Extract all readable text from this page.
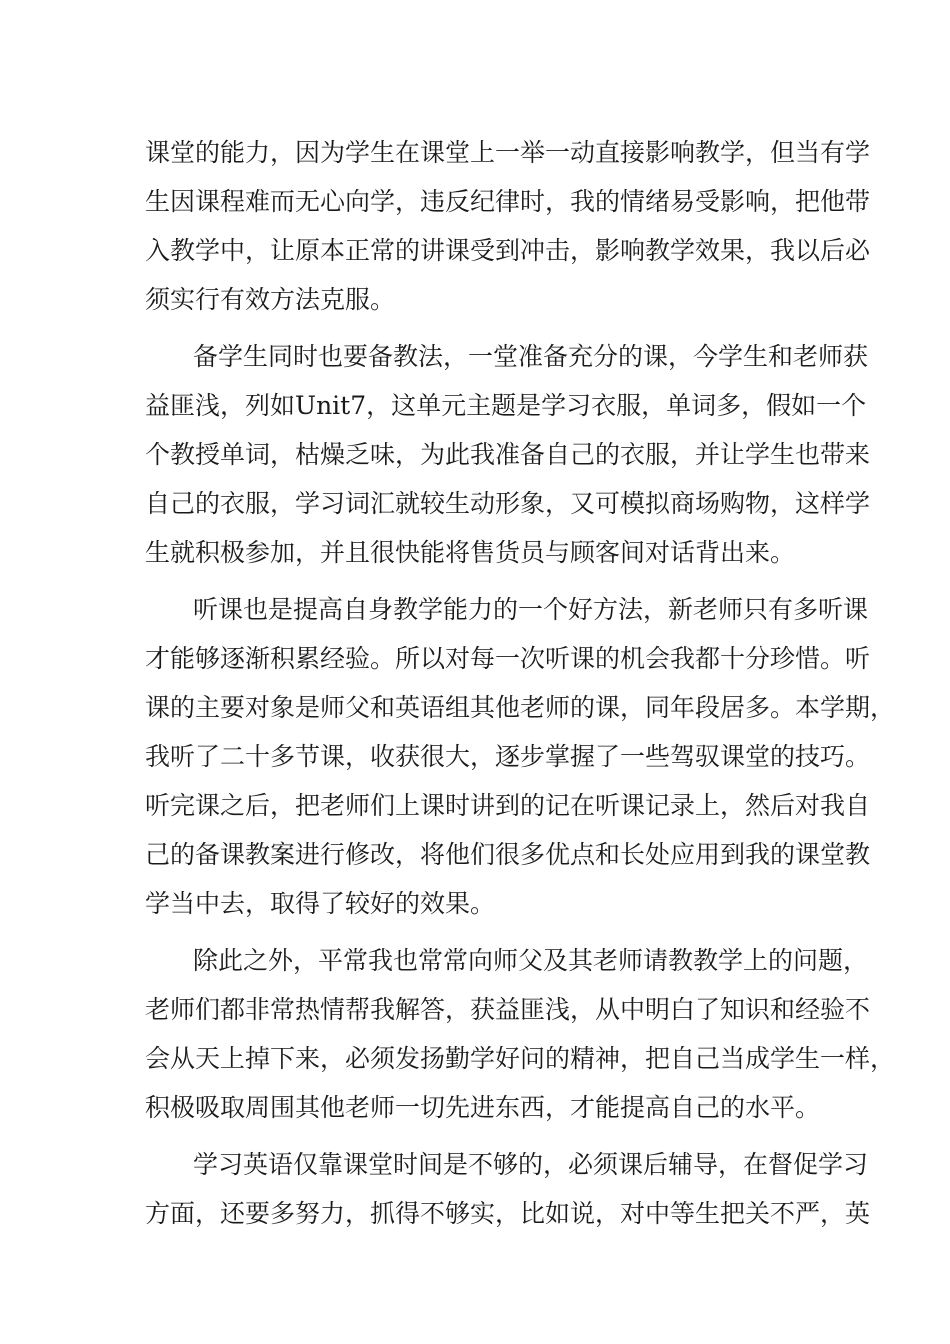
课堂的能力，因为学生在课堂上一举一动直接影响教学，但当有学
生因课程难而无心向学，违反纪律时，我的情绪易受影响，把他带
入教学中，让原本正常的讲课受到冲击，影响教学效果，我以后必
须实行有效方法克服。
备学生同时也要备教法，一堂准备充分的课，今学生和老师获
益匪浅，列如Unit7，这单元主题是学习衣服，单词多，假如一个
个教授单词，枯燥乏味，为此我准备自己的衣服，并让学生也带来
自己的衣服，学习词汇就较生动形象，又可模拟商场购物，这样学
生就积极参加，并且很快能将售货员与顾客间对话背出来。
听课也是提高自身教学能力的一个好方法，新老师只有多听课
才能够逐渐积累经验。所以对每一次听课的机会我都十分珍惜。听
课的主要对象是师父和英语组其他老师的课，同年段居多。本学期，
我听了二十多节课，收获很大，逐步掌握了一些驾驭课堂的技巧。
听完课之后，把老师们上课时讲到的记在听课记录上，然后对我自
己的备课教案进行修改，将他们很多优点和长处应用到我的课堂教
学当中去，取得了较好的效果。
除此之外，平常我也常常向师父及其老师请教教学上的问题，
老师们都非常热情帮我解答，获益匪浅，从中明白了知识和经验不
会从天上掉下来，必须发扬勤学好问的精神，把自己当成学生一样，
积极吸取周围其他老师一切先进东西，才能提高自己的水平。
学习英语仅靠课堂时间是不够的，必须课后辅导，在督促学习
方面，还要多努力，抓得不够实，比如说，对中等生把关不严，英
